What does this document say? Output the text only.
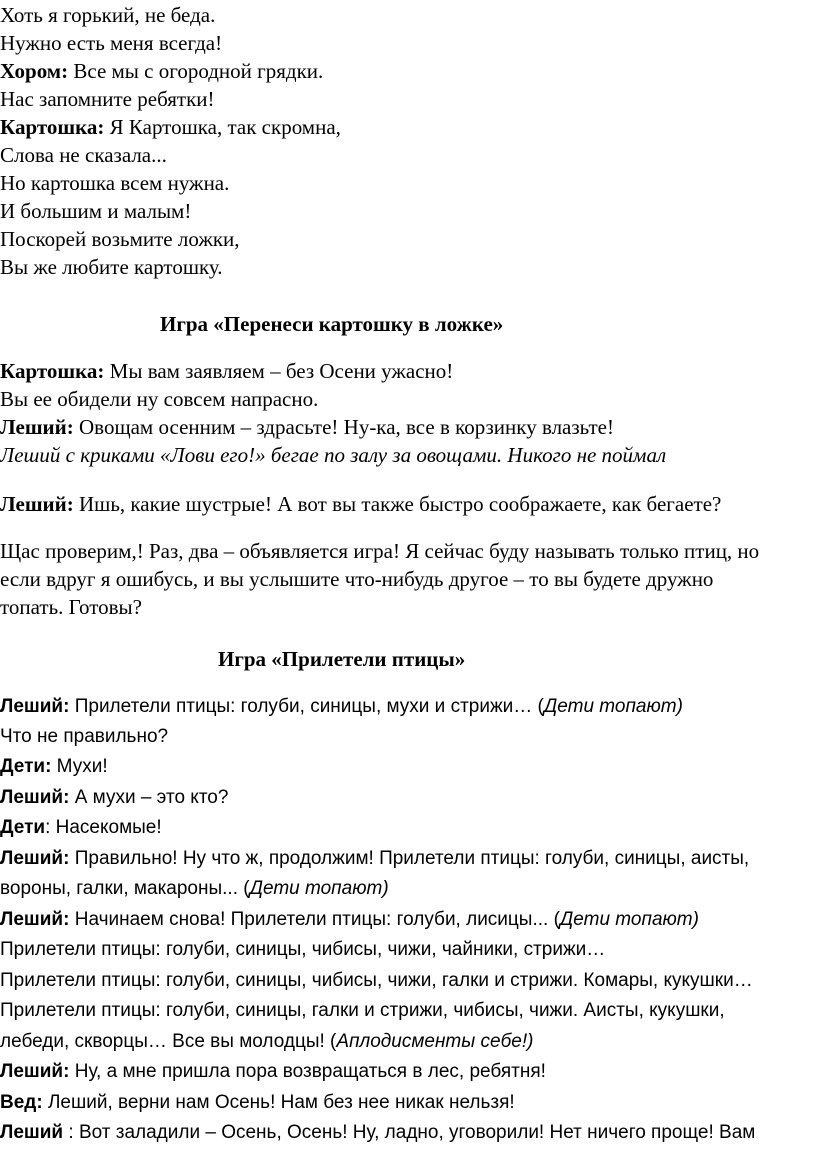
Хоть я горький, не беда.

Нужно есть меня всегда!

Хором: Все мы с огородной грядки.

Нас запомните ребятки!

Картошка: Я Картошка, так скромна,

Слова не сказала...

Но картошка всем нужна.

И большим и малым!

Поскорей возьмите ложки,

Вы же любите картошку.

Игра «Перенеси картошку в ложке»

Картошка: Мы вам заявляем – без Осени ужасно!

Вы ее обидели ну совсем напрасно.

Леший: Овощам осенним – здрасьте! Ну-ка, все в корзинку влазьте!

Леший с криками «Лови его!» бегае по залу за овощами. Никого не поймал

Леший: Ишь, какие шустрые! А вот вы также быстро соображаете, как бегаете?

Щас проверим,! Раз, два – объявляется игра! Я сейчас буду называть только птиц, но

если вдруг я ошибусь, и вы услышите что-нибудь другое – то вы будете дружно

топать. Готовы?

Игра «Прилетели птицы»

Леший: Прилетели птицы: голуби, синицы, мухи и стрижи… (Дети топают)

Что не правильно?

Дети: Мухи!

Леший: А мухи – это кто?

Дети: Насекомые!

Леший: Правильно! Ну что ж, продолжим! Прилетели птицы: голуби, синицы, аисты,

вороны, галки, макароны... (Дети топают)

Леший: Начинаем снова! Прилетели птицы: голуби, лисицы... (Дети топают)

Прилетели птицы: голуби, синицы, чибисы, чижи, чайники, стрижи…

Прилетели птицы: голуби, синицы, чибисы, чижи, галки и стрижи. Комары, кукушки…

Прилетели птицы: голуби, синицы, галки и стрижи, чибисы, чижи. Аисты, кукушки,

лебеди, скворцы… Все вы молодцы! (Аплодисменты себе!)

Леший: Ну, а мне пришла пора возвращаться в лес, ребятня!

Вед: Леший, верни нам Осень! Нам без нее никак нельзя!

Леший : Вот заладили – Осень, Осень! Ну, ладно, уговорили! Нет ничего проще! Вам
